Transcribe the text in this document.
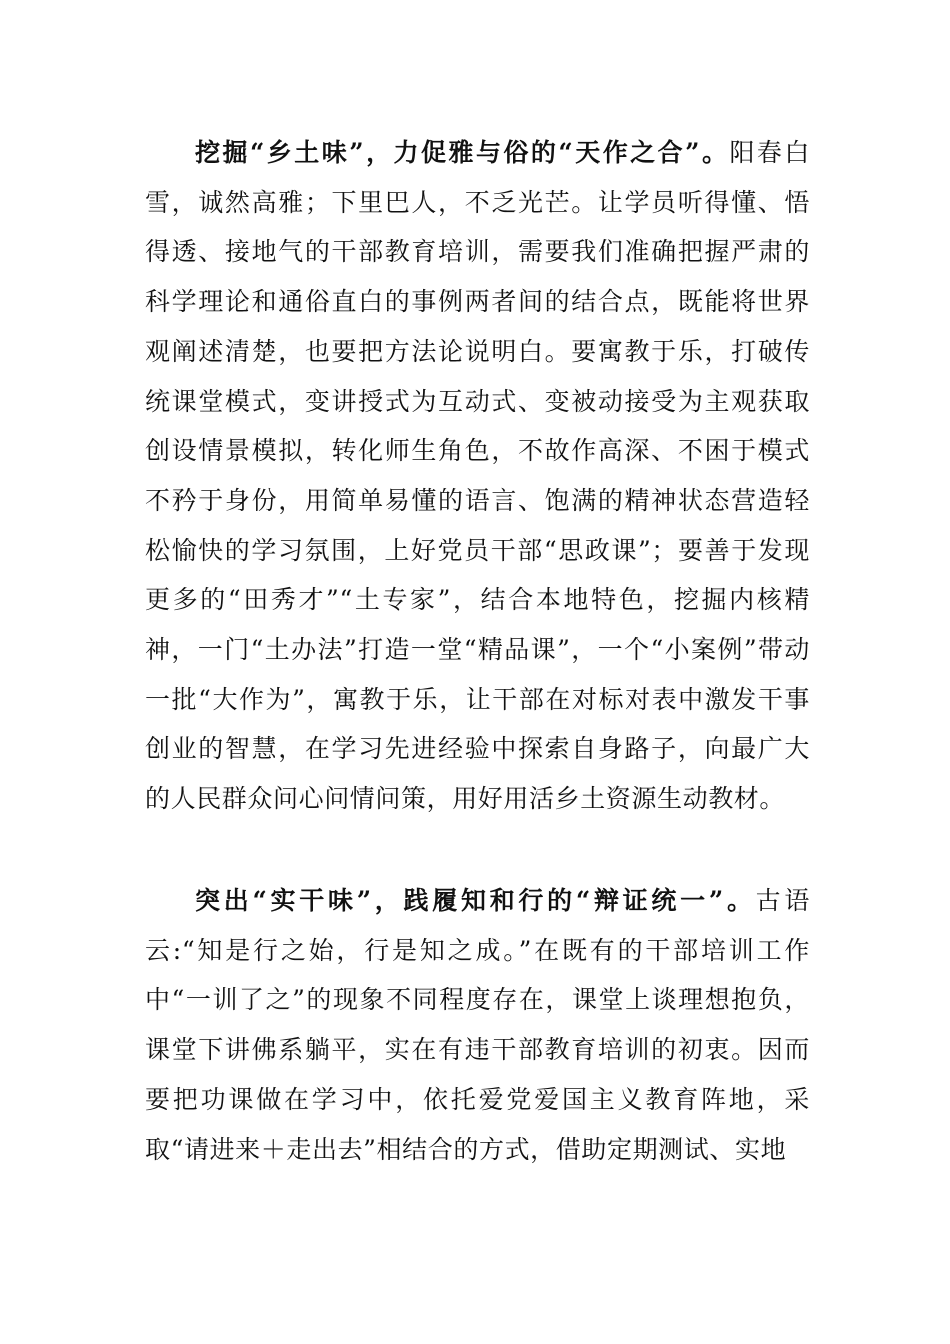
挖掘“乡土味”，力促雅与俗的“天作之合”。阳春白雪，诚然高雅；下里巴人，不乏光芒。让学员听得懂、悟得透、接地气的干部教育培训，需要我们准确把握严肃的科学理论和通俗直白的事例两者间的结合点，既能将世界观阐述清楚，也要把方法论说明白。要寓教于乐，打破传统课堂模式，变讲授式为互动式、变被动接受为主观获取创设情景模拟，转化师生角色，不故作高深、不困于模式不矜于身份，用简单易懂的语言、饱满的精神状态营造轻松愉快的学习氛围，上好党员干部“思政课”；要善于发现更多的“田秀才”“土专家”，结合本地特色，挖掘内核精神，一门“土办法”打造一堂“精品课”，一个“小案例”带动一批“大作为”，寓教于乐，让干部在对标对表中激发干事创业的智慧，在学习先进经验中探索自身路子，向最广大的人民群众问心问情问策，用好用活乡土资源生动教材。

突出“实干味”，践履知和行的“辩证统一”。古语云:“知是行之始，行是知之成。”在既有的干部培训工作中“一训了之”的现象不同程度存在，课堂上谈理想抱负，课堂下讲佛系躺平，实在有违干部教育培训的初衷。因而要把功课做在学习中，依托爱党爱国主义教育阵地，采取“请进来＋走出去”相结合的方式，借助定期测试、实地
